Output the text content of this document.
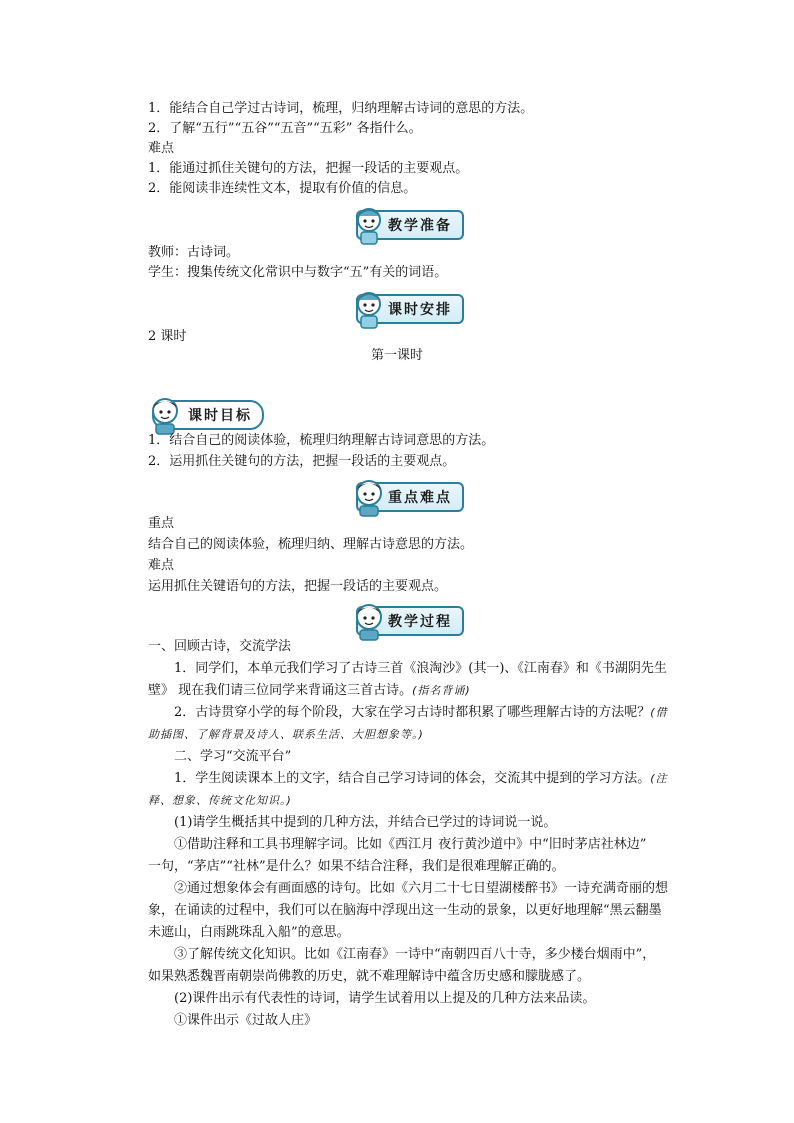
1．能结合自己学过古诗词，梳理，归纳理解古诗词的意思的方法。
2．了解“五行”“五谷”“五音”“五彩” 各指什么。
难点
1．能通过抓住关键句的方法，把握一段话的主要观点。
2．能阅读非连续性文本，提取有价值的信息。
教学准备
教师：古诗词。
学生：搜集传统文化常识中与数字“五”有关的词语。
课时安排
2 课时
第一课时
课时目标
1．结合自己的阅读体验，梳理归纳理解古诗词意思的方法。
2．运用抓住关键句的方法，把握一段话的主要观点。
重点难点
重点
结合自己的阅读体验，梳理归纳、理解古诗意思的方法。
难点
运用抓住关键语句的方法，把握一段话的主要观点。
教学过程
一、回顾古诗，交流学法
1．同学们，本单元我们学习了古诗三首《浪淘沙》(其一)、《江南春》和《书湖阴先生
壁》 现在我们请三位同学来背诵这三首古诗。(指名背诵)
2．古诗贯穿小学的每个阶段，大家在学习古诗时都积累了哪些理解古诗的方法呢？(借
助插图、了解背景及诗人、联系生活、大胆想象等。)
二、学习“交流平台”
1．学生阅读课本上的文字，结合自己学习诗词的体会，交流其中提到的学习方法。(注
释、想象、传统文化知识。)
(1)请学生概括其中提到的几种方法，并结合已学过的诗词说一说。
①借助注释和工具书理解字词。比如《西江月 夜行黄沙道中》中“旧时茅店社林边”
一句，“茅店”“社林”是什么？如果不结合注释，我们是很难理解正确的。
②通过想象体会有画面感的诗句。比如《六月二十七日望湖楼醉书》一诗充满奇丽的想
象，在诵读的过程中，我们可以在脑海中浮现出这一生动的景象，以更好地理解“黑云翻墨
未遮山，白雨跳珠乱入船”的意思。
③了解传统文化知识。比如《江南春》一诗中“南朝四百八十寺，多少楼台烟雨中”，
如果熟悉魏晋南朝崇尚佛教的历史，就不难理解诗中蕴含历史感和朦胧感了。
(2)课件出示有代表性的诗词，请学生试着用以上提及的几种方法来品读。
①课件出示《过故人庄》
